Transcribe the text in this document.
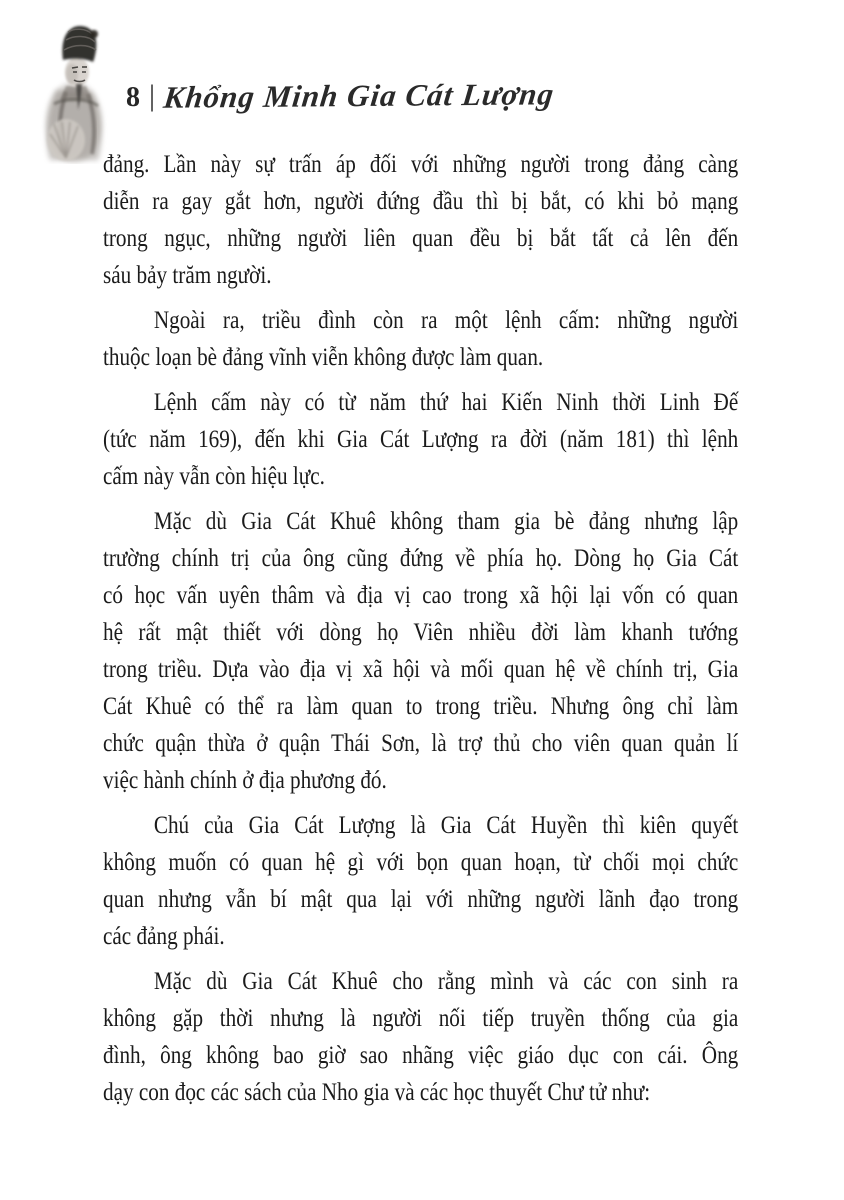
8 | Khổng Minh Gia Cát Lượng

đảng. Lần này sự trấn áp đối với những người trong đảng càng
diễn ra gay gắt hơn, người đứng đầu thì bị bắt, có khi bỏ mạng
trong ngục, những người liên quan đều bị bắt tất cả lên đến
sáu bảy trăm người.

Ngoài ra, triều đình còn ra một lệnh cấm: những người
thuộc loạn bè đảng vĩnh viễn không được làm quan.

Lệnh cấm này có từ năm thứ hai Kiến Ninh thời Linh Đế
(tức năm 169), đến khi Gia Cát Lượng ra đời (năm 181) thì lệnh
cấm này vẫn còn hiệu lực.

Mặc dù Gia Cát Khuê không tham gia bè đảng nhưng lập
trường chính trị của ông cũng đứng về phía họ. Dòng họ Gia Cát
có học vấn uyên thâm và địa vị cao trong xã hội lại vốn có quan
hệ rất mật thiết với dòng họ Viên nhiều đời làm khanh tướng
trong triều. Dựa vào địa vị xã hội và mối quan hệ về chính trị, Gia
Cát Khuê có thể ra làm quan to trong triều. Nhưng ông chỉ làm
chức quận thừa ở quận Thái Sơn, là trợ thủ cho viên quan quản lí
việc hành chính ở địa phương đó.

Chú của Gia Cát Lượng là Gia Cát Huyền thì kiên quyết
không muốn có quan hệ gì với bọn quan hoạn, từ chối mọi chức
quan nhưng vẫn bí mật qua lại với những người lãnh đạo trong
các đảng phái.

Mặc dù Gia Cát Khuê cho rằng mình và các con sinh ra
không gặp thời nhưng là người nối tiếp truyền thống của gia
đình, ông không bao giờ sao nhãng việc giáo dục con cái. Ông
dạy con đọc các sách của Nho gia và các học thuyết Chư tử như:
